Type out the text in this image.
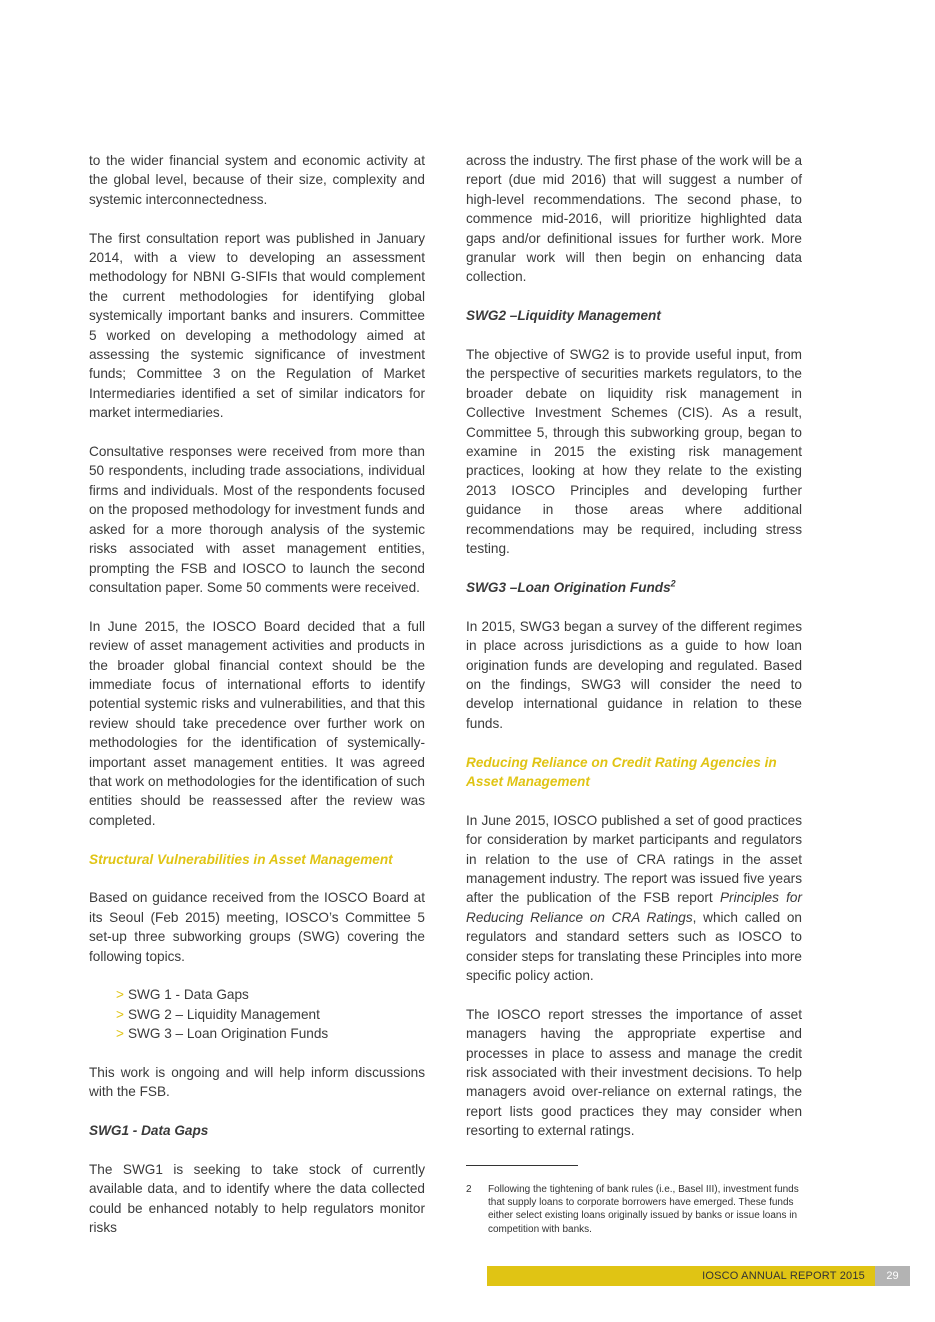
to the wider financial system and economic activity at the global level, because of their size, complexity and systemic interconnectedness.

The first consultation report was published in January 2014, with a view to developing an assessment methodology for NBNI G-SIFIs that would complement the current methodologies for identifying global systemically important banks and insurers. Committee 5 worked on developing a methodology aimed at assessing the systemic significance of investment funds; Committee 3 on the Regulation of Market Intermediaries identified a set of similar indicators for market intermediaries.

Consultative responses were received from more than 50 respondents, including trade associations, individual firms and individuals. Most of the respondents focused on the proposed methodology for investment funds and asked for a more thorough analysis of the systemic risks associated with asset management entities, prompting the FSB and IOSCO to launch the second consultation paper. Some 50 comments were received.

In June 2015, the IOSCO Board decided that a full review of asset management activities and products in the broader global financial context should be the immediate focus of international efforts to identify potential systemic risks and vulnerabilities, and that this review should take precedence over further work on methodologies for the identification of systemically-important asset management entities. It was agreed that work on methodologies for the identification of such entities should be reassessed after the review was completed.

Structural Vulnerabilities in Asset Management

Based on guidance received from the IOSCO Board at its Seoul (Feb 2015) meeting, IOSCO’s Committee 5 set-up three subworking groups (SWG) covering the following topics.

> SWG 1 - Data Gaps
> SWG 2 – Liquidity Management
> SWG 3 – Loan Origination Funds

This work is ongoing and will help inform discussions with the FSB.

SWG1 - Data Gaps

The SWG1 is seeking to take stock of currently available data, and to identify where the data collected could be enhanced notably to help regulators monitor risks

across the industry. The first phase of the work will be a report (due mid 2016) that will suggest a number of high-level recommendations. The second phase, to commence mid-2016, will prioritize highlighted data gaps and/or definitional issues for further work. More granular work will then begin on enhancing data collection.

SWG2 –Liquidity Management

The objective of SWG2 is to provide useful input, from the perspective of securities markets regulators, to the broader debate on liquidity risk management in Collective Investment Schemes (CIS). As a result, Committee 5, through this subworking group, began to examine in 2015 the existing risk management practices, looking at how they relate to the existing 2013 IOSCO Principles and developing further guidance in those areas where additional recommendations may be required, including stress testing.

SWG3 –Loan Origination Funds$^2$

In 2015, SWG3 began a survey of the different regimes in place across jurisdictions as a guide to how loan origination funds are developing and regulated. Based on the findings, SWG3 will consider the need to develop international guidance in relation to these funds.

Reducing Reliance on Credit Rating Agencies in Asset Management

In June 2015, IOSCO published a set of good practices for consideration by market participants and regulators in relation to the use of CRA ratings in the asset management industry. The report was issued five years after the publication of the FSB report Principles for Reducing Reliance on CRA Ratings, which called on regulators and standard setters such as IOSCO to consider steps for translating these Principles into more specific policy action.

The IOSCO report stresses the importance of asset managers having the appropriate expertise and processes in place to assess and manage the credit risk associated with their investment decisions. To help managers avoid over-reliance on external ratings, the report lists good practices they may consider when resorting to external ratings.

2	Following the tightening of bank rules (i.e., Basel III), investment funds that supply loans to corporate borrowers have emerged. These funds either select existing loans originally issued by banks or issue loans in competition with banks.
IOSCO ANNUAL REPORT 2015	29
